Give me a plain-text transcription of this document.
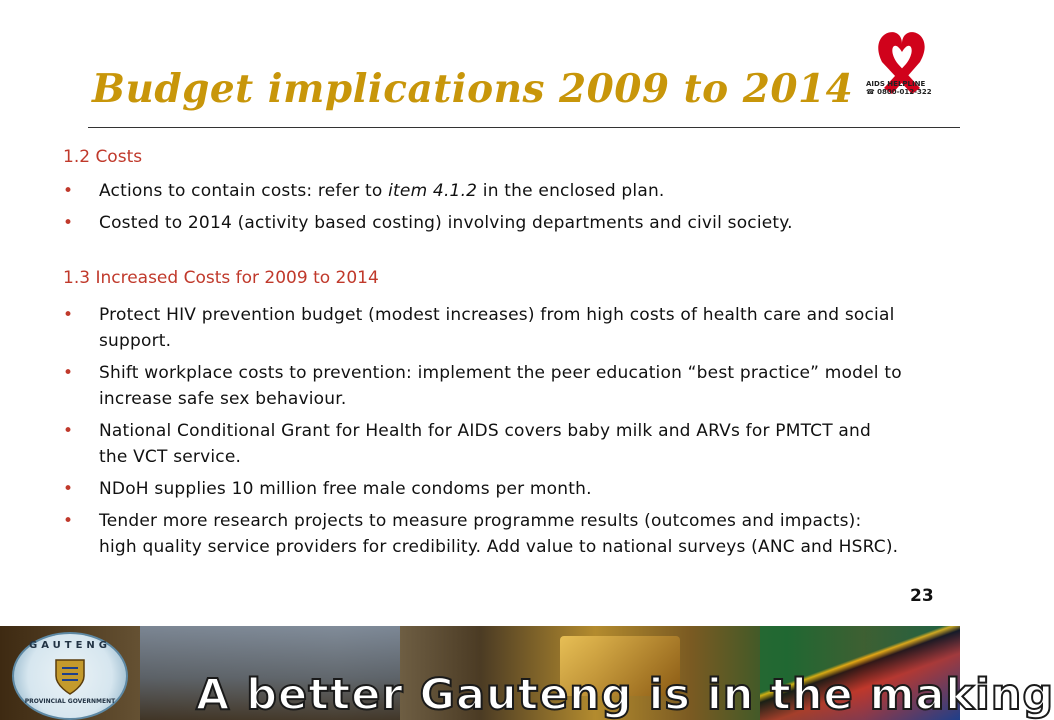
Budget implications 2009 to 2014 AIDS HELPLINE
☎ 0800-012-322
1.2 Costs
• Actions to contain costs: refer to item 4.1.2 in the enclosed plan.
• Costed to 2014 (activity based costing) involving departments and civil society.
1.3 Increased Costs for 2009 to 2014
• Protect HIV prevention budget (modest increases) from high costs of health care and social support.
• Shift workplace costs to prevention: implement the peer education “best practice” model to increase safe sex behaviour.
• National Conditional Grant for Health for AIDS covers baby milk and ARVs for PMTCT and the VCT service.
• NDoH supplies 10 million free male condoms per month.
• Tender more research projects to measure programme results (outcomes and impacts): high quality service providers for credibility. Add value to national surveys (ANC and HSRC).
23
A better Gauteng is in the making
GAUTENG
PROVINCIAL GOVERNMENT
